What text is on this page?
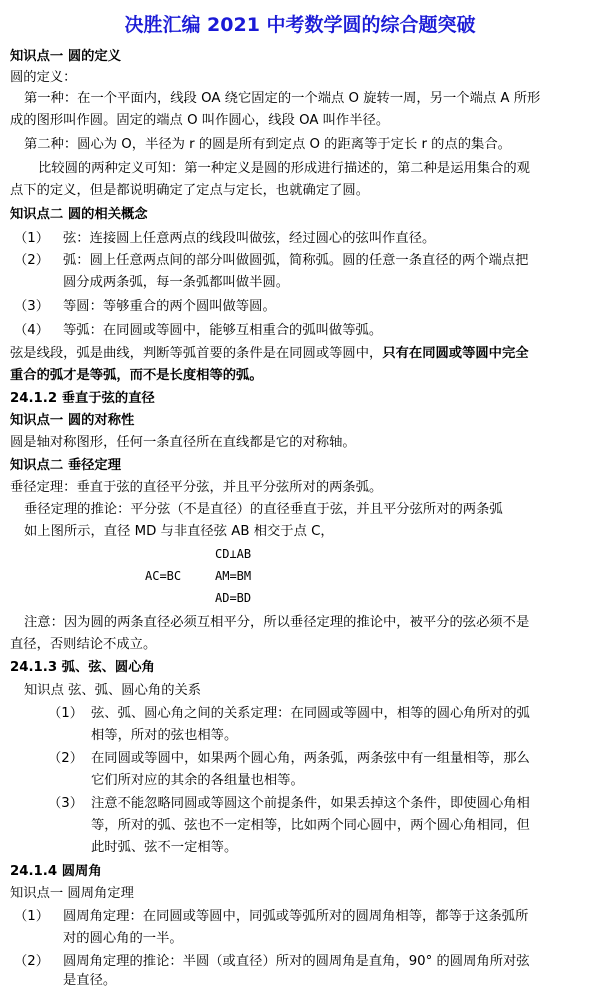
决胜汇编 2021 中考数学圆的综合题突破
知识点一 圆的定义
圆的定义：
第一种：在一个平面内，线段 OA 绕它固定的一个端点 O 旋转一周，另一个端点 A 所形
成的图形叫作圆。固定的端点 O 叫作圆心，线段 OA 叫作半径。
第二种：圆心为 O，半径为 r 的圆是所有到定点 O 的距离等于定长 r 的点的集合。
比较圆的两种定义可知：第一种定义是圆的形成进行描述的，第二种是运用集合的观
点下的定义，但是都说明确定了定点与定长，也就确定了圆。
知识点二 圆的相关概念
（1） 弦：连接圆上任意两点的线段叫做弦，经过圆心的弦叫作直径。
（2） 弧：圆上任意两点间的部分叫做圆弧，简称弧。圆的任意一条直径的两个端点把
圆分成两条弧，每一条弧都叫做半圆。
（3） 等圆：等够重合的两个圆叫做等圆。
（4） 等弧：在同圆或等圆中，能够互相重合的弧叫做等弧。
弦是线段，弧是曲线，判断等弧首要的条件是在同圆或等圆中，只有在同圆或等圆中完全
重合的弧才是等弧，而不是长度相等的弧。
24.1.2 垂直于弦的直径
知识点一 圆的对称性
圆是轴对称图形，任何一条直径所在直线都是它的对称轴。
知识点二 垂径定理
垂径定理：垂直于弦的直径平分弦，并且平分弦所对的两条弧。
垂径定理的推论：平分弦（不是直径）的直径垂直于弦，并且平分弦所对的两条弧
如上图所示，直径 MD 与非直径弦 AB 相交于点 C，
CD⊥AB
AC=BC	AM=BM
AD=BD
注意：因为圆的两条直径必须互相平分，所以垂径定理的推论中，被平分的弦必须不是
直径，否则结论不成立。
24.1.3 弧、弦、圆心角
知识点 弦、弧、圆心角的关系
（1） 弦、弧、圆心角之间的关系定理：在同圆或等圆中，相等的圆心角所对的弧
相等，所对的弦也相等。
（2） 在同圆或等圆中，如果两个圆心角，两条弧，两条弦中有一组量相等，那么
它们所对应的其余的各组量也相等。
（3） 注意不能忽略同圆或等圆这个前提条件，如果丢掉这个条件，即使圆心角相
等，所对的弧、弦也不一定相等，比如两个同心圆中，两个圆心角相同，但
此时弧、弦不一定相等。
24.1.4 圆周角
知识点一 圆周角定理
（1） 圆周角定理：在同圆或等圆中，同弧或等弧所对的圆周角相等，都等于这条弧所
对的圆心角的一半。
（2） 圆周角定理的推论：半圆（或直径）所对的圆周角是直角，90° 的圆周角所对弦
是直径。
